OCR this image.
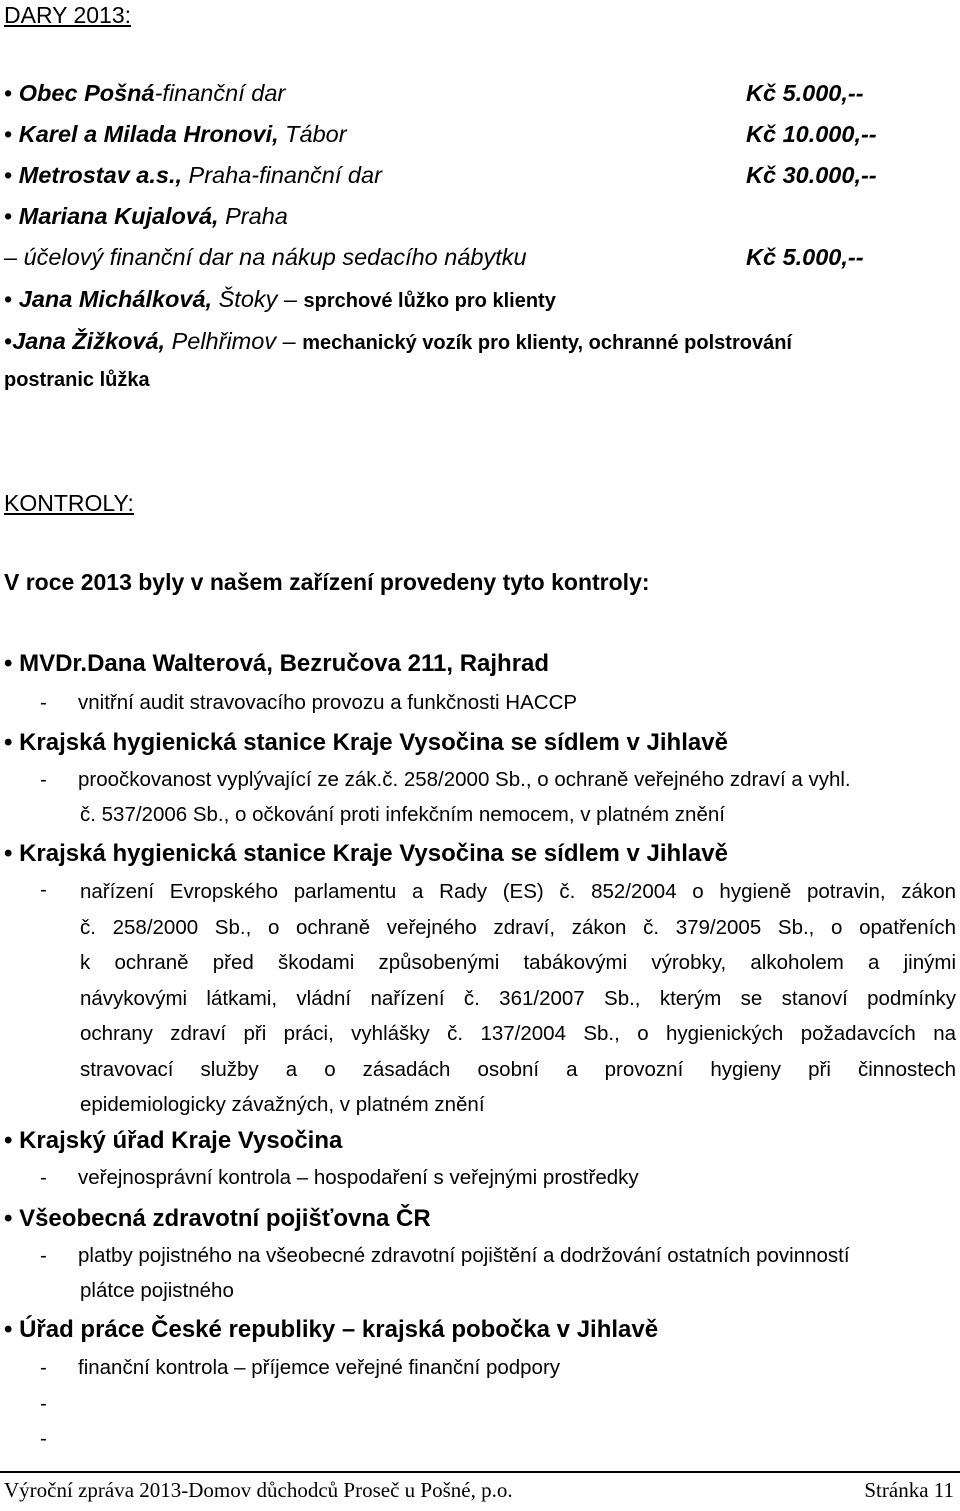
DARY 2013:
• Obec Pošná-finanční dar	Kč 5.000,--
• Karel a Milada Hronovi, Tábor	Kč 10.000,--
• Metrostav a.s., Praha-finanční dar	Kč 30.000,--
• Mariana Kujalová, Praha
– účelový finanční dar na nákup sedacího nábytku	Kč 5.000,--
• Jana Michálková, Štoky – sprchové lůžko pro klienty
•Jana Žižková, Pelhřimov – mechanický vozík pro klienty, ochranné polstrování
postranic lůžka
KONTROLY:
V roce 2013 byly v našem zařízení provedeny tyto kontroly:
• MVDr.Dana Walterová, Bezručova 211, Rajhrad
- vnitřní audit stravovacího provozu a funkčnosti HACCP
• Krajská hygienická stanice Kraje Vysočina se sídlem v Jihlavě
- proočkovanost vyplývající ze zák.č. 258/2000 Sb., o ochraně veřejného zdraví a vyhl.
č. 537/2006 Sb., o očkování proti infekčním nemocem, v platném znění
• Krajská hygienická stanice Kraje Vysočina se sídlem v Jihlavě
-	nařízení Evropského parlamentu a Rady (ES) č. 852/2004 o hygieně potravin, zákon
č. 258/2000 Sb., o ochraně veřejného zdraví, zákon č. 379/2005 Sb., o opatřeních
k ochraně před škodami způsobenými tabákovými výrobky, alkoholem a jinými
návykovými látkami, vládní nařízení č. 361/2007 Sb., kterým se stanoví podmínky
ochrany zdraví při práci, vyhlášky č. 137/2004 Sb., o hygienických požadavcích na
stravovací služby a o zásadách osobní a provozní hygieny při činnostech
epidemiologicky závažných, v platném znění
• Krajský úřad Kraje Vysočina
- veřejnosprávní kontrola – hospodaření s veřejnými prostředky
• Všeobecná zdravotní pojišťovna ČR
- platby pojistného na všeobecné zdravotní pojištění a dodržování ostatních povinností
plátce pojistného
• Úřad práce České republiky – krajská pobočka v Jihlavě
- finanční kontrola – příjemce veřejné finanční podpory
-
-
Výroční zpráva 2013-Domov důchodců Proseč u Pošné, p.o.	Stránka 11
